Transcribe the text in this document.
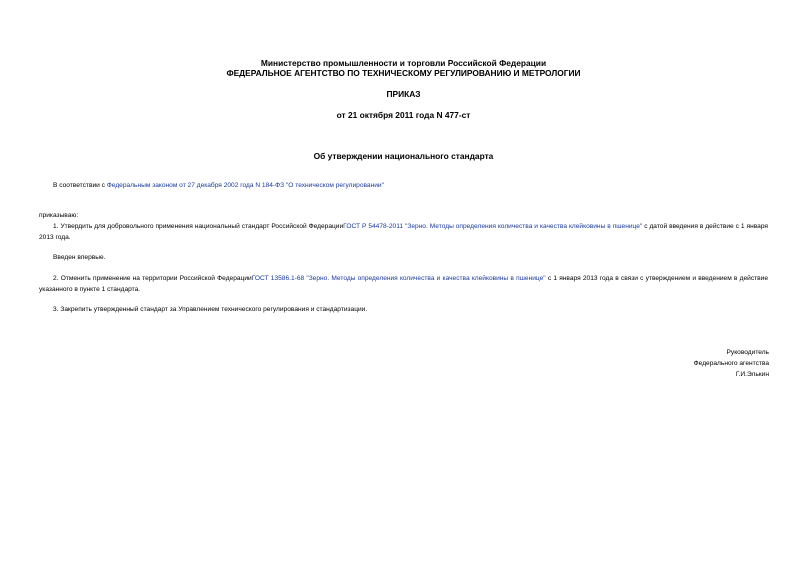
Министерство промышленности и торговли Российской Федерации
ФЕДЕРАЛЬНОЕ АГЕНТСТВО ПО ТЕХНИЧЕСКОМУ РЕГУЛИРОВАНИЮ И МЕТРОЛОГИИ
ПРИКАЗ
от 21 октября 2011 года N 477-ст
Об утверждении национального стандарта
В соответствии с Федеральным законом от 27 декабря 2002 года N 184-ФЗ "О техническом регулировании"
приказываю:
1. Утвердить для добровольного применения национальный стандарт Российской ФедерацииГОСТ Р 54478-2011 "Зерно. Методы определения количества и качества клейковины в пшенице" с датой введения в действие с 1 января 2013 года.
Введен впервые.
2. Отменить применение на территории Российской ФедерацииГОСТ 13586.1-68 "Зерно. Методы определения количества и качества клейковины в пшенице" с 1 января 2013 года в связи с утверждением и введением в действие указанного в пункте 1 стандарта.
3. Закрепить утвержденный стандарт за Управлением технического регулирования и стандартизации.
Руководитель
Федерального агентства
Г.И.Элькин
